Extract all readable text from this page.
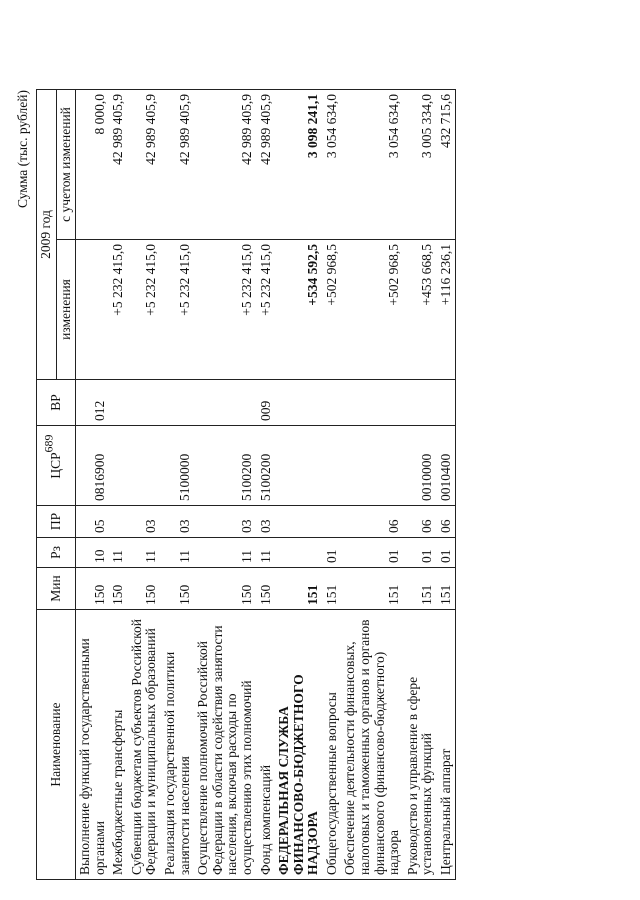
689
Сумма (тыс. рублей)
Наименование	Мин	Рз	ПР	ЦСР	ВР	2009 год	
						изменения	с учетом изменений

Выполнение функций государственными органами	150	10	05	0816900	012		8 000,0
Межбюджетные трансферты	150	11				+5 232 415,0	42 989 405,9
Субвенции бюджетам субъектов Российской Федерации и муниципальных образований	150	11	03			+5 232 415,0	42 989 405,9
Реализация государственной политики занятости населения	150	11	03	5100000		+5 232 415,0	42 989 405,9
Осуществление полномочий Российской Федерации в области содействия занятости населения, включая расходы по осуществлению этих полномочий	150	11	03	5100200		+5 232 415,0	42 989 405,9
Фонд компенсаций	150	11	03	5100200	009	+5 232 415,0	42 989 405,9
ФЕДЕРАЛЬНАЯ СЛУЖБА ФИНАНСОВО-БЮДЖЕТНОГО НАДЗОРА	151					+534 592,5	3 098 241,1
Общегосударственные вопросы	151	01				+502 968,5	3 054 634,0
Обеспечение деятельности финансовых, налоговых и таможенных органов и органов финансового (финансово-бюджетного) надзора	151	01	06			+502 968,5	3 054 634,0
Руководство и управление в сфере установленных функций	151	01	06	0010000		+453 668,5	3 005 334,0
Центральный аппарат	151	01	06	0010400		+116 236,1	432 715,6
